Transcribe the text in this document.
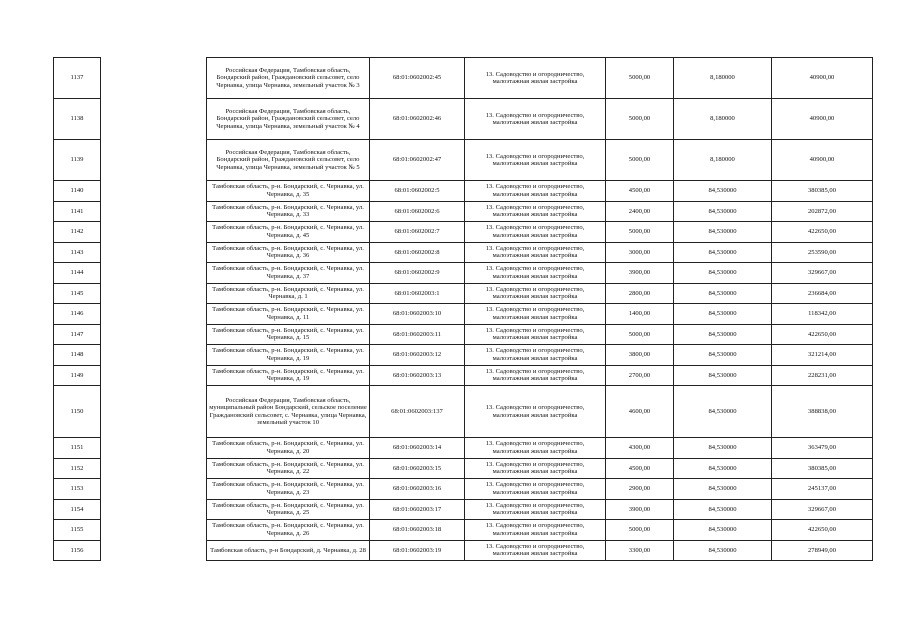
1137		Российская Федерация, Тамбовская область, Бондарский район, Граждановский сельсовет, село Чернавка, улица Чернавка, земельный участок № 3	68:01:0602002:45	13. Садоводство и огородничество, малоэтажная жилая застройка	5000,00	8,180000	40900,00
1138		Российская Федерация, Тамбовская область, Бондарский район, Граждановский сельсовет, село Чернавка, улица Чернавка, земельный участок № 4	68:01:0602002:46	13. Садоводство и огородничество, малоэтажная жилая застройка	5000,00	8,180000	40900,00
1139		Российская Федерация, Тамбовская область, Бондарский район, Граждановский сельсовет, село Чернавка, улица Чернавка, земельный участок № 5	68:01:0602002:47	13. Садоводство и огородничество, малоэтажная жилая застройка	5000,00	8,180000	40900,00
1140		Тамбовская область, р-н. Бондарский, с. Чернавка, ул. Чернавка, д. 35	68:01:0602002:5	13. Садоводство и огородничество, малоэтажная жилая застройка	4500,00	84,530000	380385,00
1141		Тамбовская область, р-н. Бондарский, с. Чернавка, ул. Чернавка, д. 33	68:01:0602002:6	13. Садоводство и огородничество, малоэтажная жилая застройка	2400,00	84,530000	202872,00
1142		Тамбовская область, р-н. Бондарский, с. Чернавка, ул. Чернавка, д. 45	68:01:0602002:7	13. Садоводство и огородничество, малоэтажная жилая застройка	5000,00	84,530000	422650,00
1143		Тамбовская область, р-н. Бондарский, с. Чернавка, ул. Чернавка, д. 36	68:01:0602002:8	13. Садоводство и огородничество, малоэтажная жилая застройка	3000,00	84,530000	253590,00
1144		Тамбовская область, р-н. Бондарский, с. Чернавка, ул. Чернавка, д. 37	68:01:0602002:9	13. Садоводство и огородничество, малоэтажная жилая застройка	3900,00	84,530000	329667,00
1145		Тамбовская область, р-н. Бондарский, с. Чернавка, ул. Чернавка, д. 1	68:01:0602003:1	13. Садоводство и огородничество, малоэтажная жилая застройка	2800,00	84,530000	236684,00
1146		Тамбовская область, р-н. Бондарский, с. Чернавка, ул. Чернавка, д. 11	68:01:0602003:10	13. Садоводство и огородничество, малоэтажная жилая застройка	1400,00	84,530000	118342,00
1147		Тамбовская область, р-н. Бондарский, с. Чернавка, ул. Чернавка, д. 15	68:01:0602003:11	13. Садоводство и огородничество, малоэтажная жилая застройка	5000,00	84,530000	422650,00
1148		Тамбовская область, р-н. Бондарский, с. Чернавка, ул. Чернавка, д. 19	68:01:0602003:12	13. Садоводство и огородничество, малоэтажная жилая застройка	3800,00	84,530000	321214,00
1149		Тамбовская область, р-н. Бондарский, с. Чернавка, ул. Чернавка, д. 19	68:01:0602003:13	13. Садоводство и огородничество, малоэтажная жилая застройка	2700,00	84,530000	228231,00
1150		Российская Федерация, Тамбовская область, муниципальный район Бондарский, сельское поселение Граждановский сельсовет, с. Чернавка, улица Чернавка, земельный участок 10	68:01:0602003:137	13. Садоводство и огородничество, малоэтажная жилая застройка	4600,00	84,530000	388838,00
1151		Тамбовская область, р-н. Бондарский, с. Чернавка, ул. Чернавка, д. 20	68:01:0602003:14	13. Садоводство и огородничество, малоэтажная жилая застройка	4300,00	84,530000	363479,00
1152		Тамбовская область, р-н. Бондарский, с. Чернавка, ул. Чернавка, д. 22	68:01:0602003:15	13. Садоводство и огородничество, малоэтажная жилая застройка	4500,00	84,530000	380385,00
1153		Тамбовская область, р-н. Бондарский, с. Чернавка, ул. Чернавка, д. 23	68:01:0602003:16	13. Садоводство и огородничество, малоэтажная жилая застройка	2900,00	84,530000	245137,00
1154		Тамбовская область, р-н. Бондарский, с. Чернавка, ул. Чернавка, д. 25	68:01:0602003:17	13. Садоводство и огородничество, малоэтажная жилая застройка	3900,00	84,530000	329667,00
1155		Тамбовская область, р-н. Бондарский, с. Чернавка, ул. Чернавка, д. 26	68:01:0602003:18	13. Садоводство и огородничество, малоэтажная жилая застройка	5000,00	84,530000	422650,00
1156		Тамбовская область, р-н Бондарский, д. Чернавка, д. 28	68:01:0602003:19	13. Садоводство и огородничество, малоэтажная жилая застройка	3300,00	84,530000	278949,00
